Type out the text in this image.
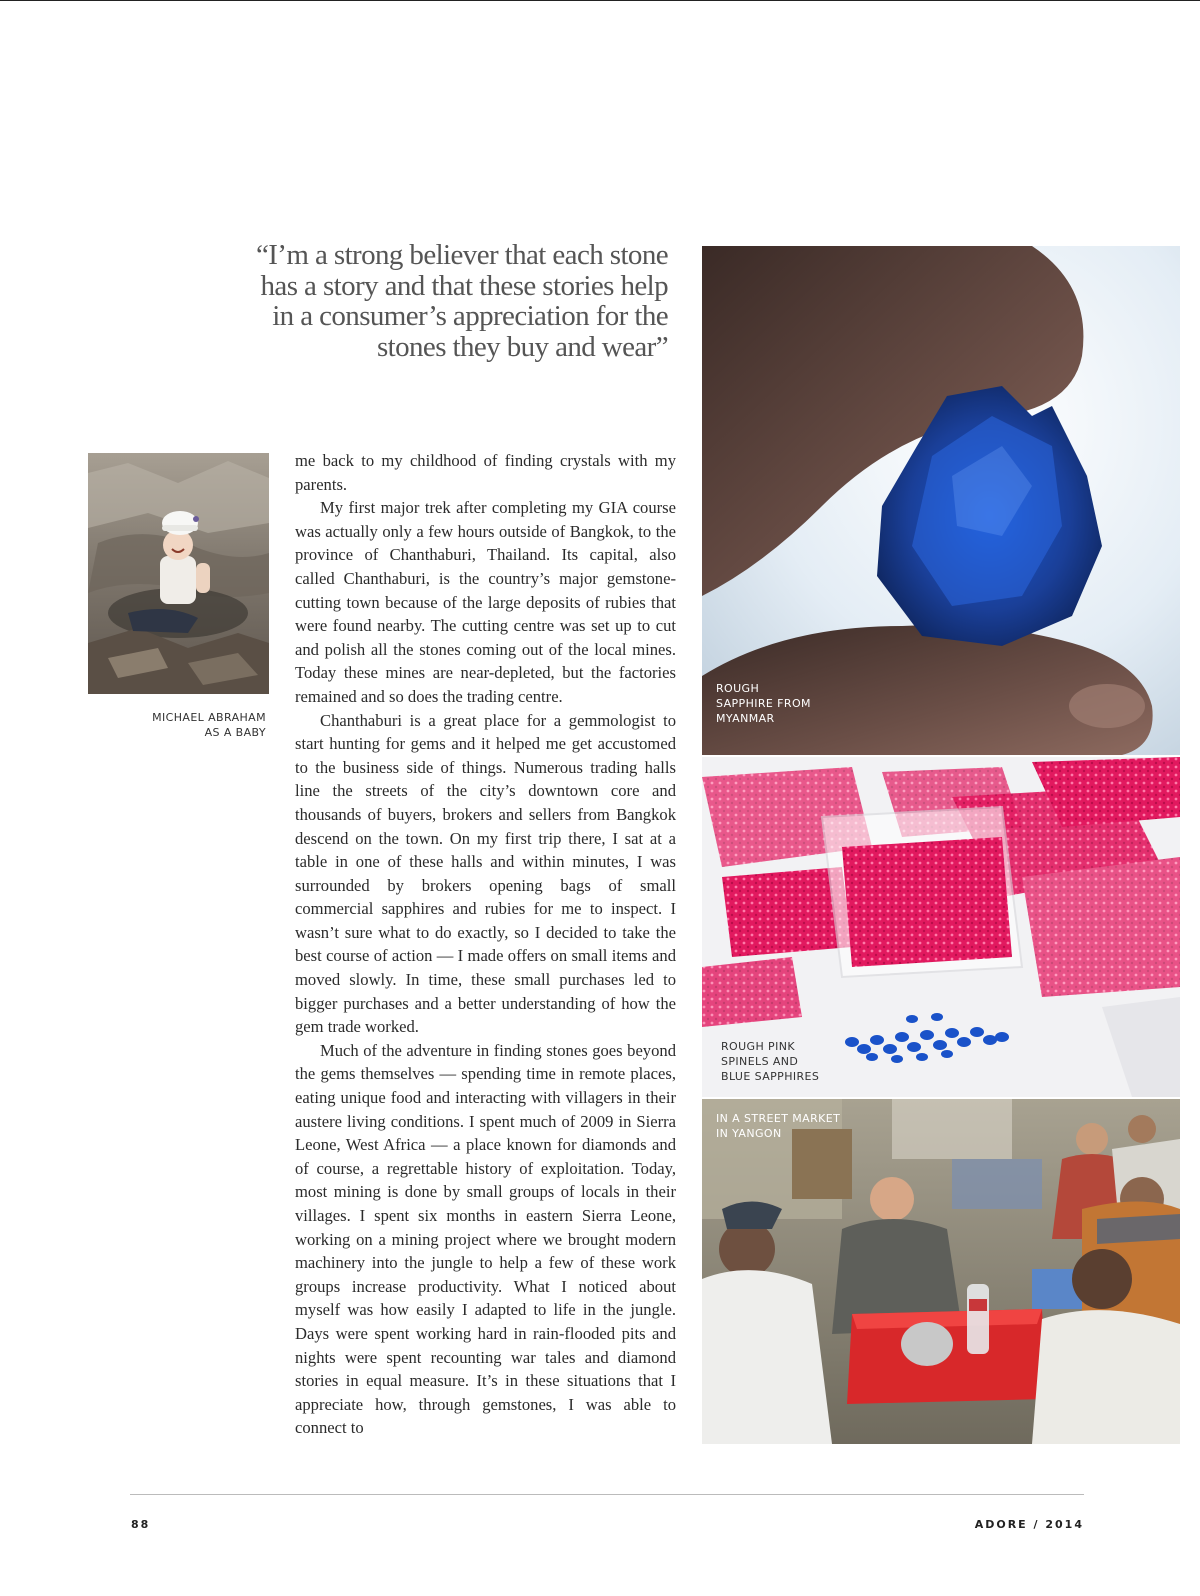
“I’m a strong believer that each stone
has a story and that these stories help
in a consumer’s appreciation for the
stones they buy and wear”
MICHAEL ABRAHAM
AS A BABY

me back to my childhood of finding crystals with my parents.

My first major trek after completing my GIA course was actually only a few hours outside of Bangkok, to the province of Chanthaburi, Thailand. Its capital, also called Chanthaburi, is the country’s major gemstone-cutting town because of the large deposits of rubies that were found nearby. The cutting centre was set up to cut and polish all the stones coming out of the local mines. Today these mines are near-depleted, but the factories remained and so does the trading centre.

Chanthaburi is a great place for a gemmologist to start hunting for gems and it helped me get accustomed to the business side of things. Numerous trading halls line the streets of the city’s downtown core and thousands of buyers, brokers and sellers from Bangkok descend on the town. On my first trip there, I sat at a table in one of these halls and within minutes, I was surrounded by brokers opening bags of small commercial sapphires and rubies for me to inspect. I wasn’t sure what to do exactly, so I decided to take the best course of action — I made offers on small items and moved slowly. In time, these small purchases led to bigger purchases and a better understanding of how the gem trade worked.

Much of the adventure in finding stones goes beyond the gems themselves — spending time in remote places, eating unique food and interacting with villagers in their austere living conditions. I spent much of 2009 in Sierra Leone, West Africa — a place known for diamonds and of course, a regrettable history of exploitation. Today, most mining is done by small groups of locals in their villages. I spent six months in eastern Sierra Leone, working on a mining project where we brought modern machinery into the jungle to help a few of these work groups increase productivity. What I noticed about myself was how easily I adapted to life in the jungle. Days were spent working hard in rain-flooded pits and nights were spent recounting war tales and diamond stories in equal measure. It’s in these situations that I appreciate how, through gemstones, I was able to connect to

ROUGH
SAPPHIRE FROM
MYANMAR
ROUGH PINK
SPINELS AND
BLUE SAPPHIRES
IN A STREET MARKET
IN YANGON
88	ADORE / 2014
